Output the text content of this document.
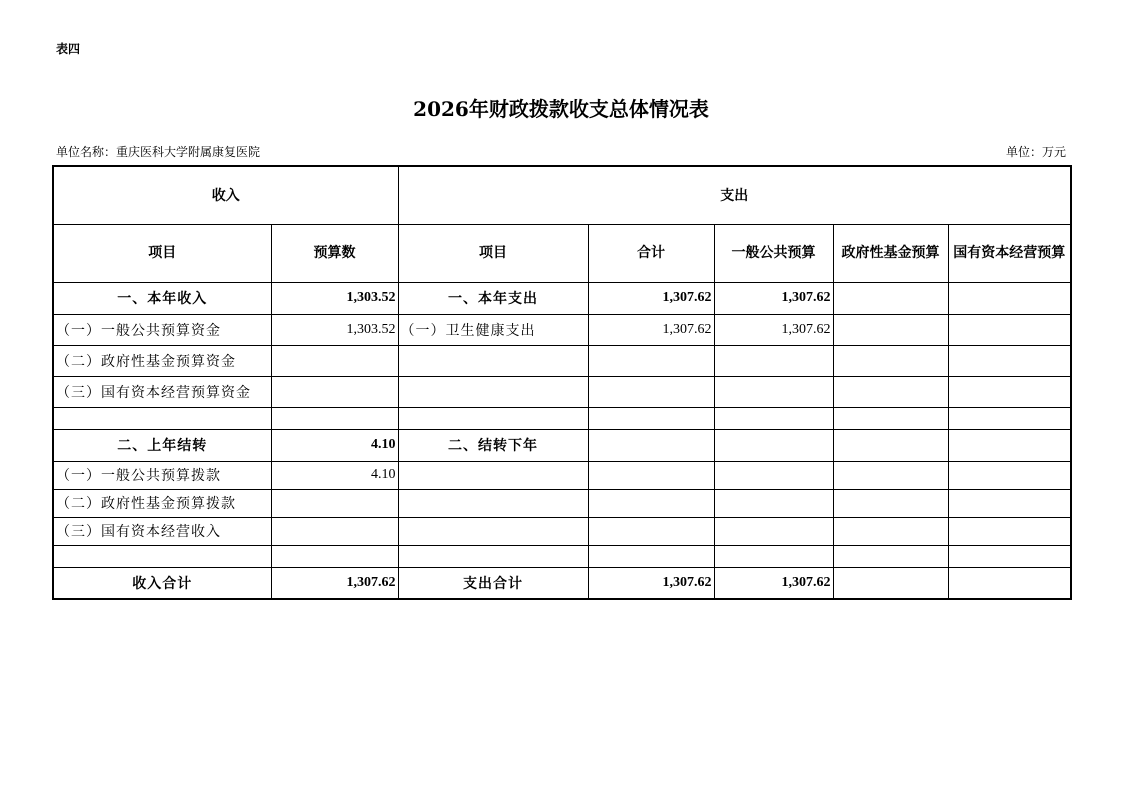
表四
2026年财政拨款收支总体情况表
单位名称：重庆医科大学附属康复医院	单位：万元
收入		支出				
项目	预算数	项目	合计	一般公共预算	政府性基金预算	国有资本经营预算
一、本年收入	1,303.52	一、本年支出	1,307.62	1,307.62		
（一）一般公共预算资金	1,303.52	（一）卫生健康支出	1,307.62	1,307.62		
（二）政府性基金预算资金						
（三）国有资本经营预算资金						

二、上年结转	4.10	二、结转下年				
（一）一般公共预算拨款	4.10					
（二）政府性基金预算拨款						
（三）国有资本经营收入						

收入合计	1,307.62	支出合计	1,307.62	1,307.62		
